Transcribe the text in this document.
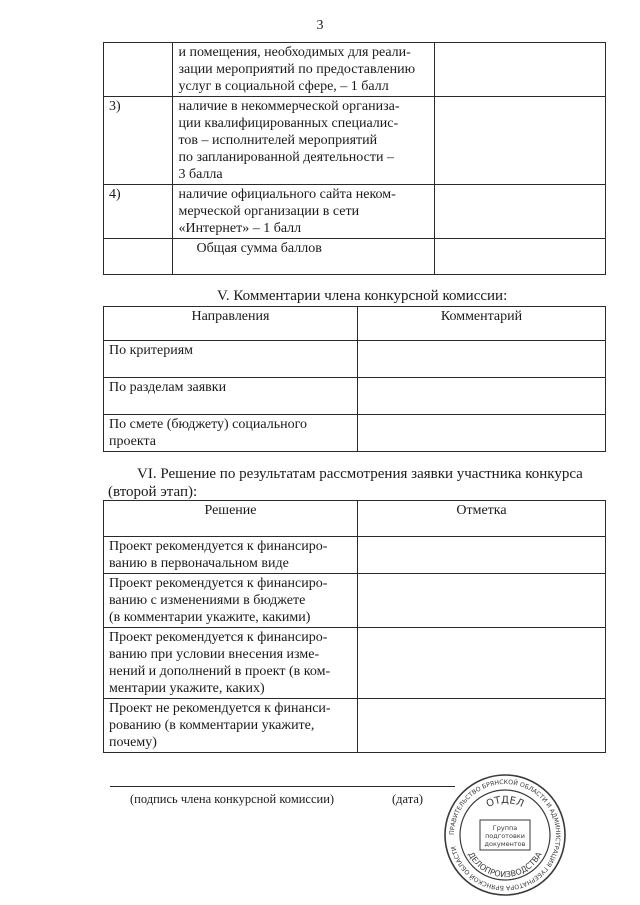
3

	и помещения, необходимых для реали-
зации мероприятий по предоставлению
услуг в социальной сфере, – 1 балл	

3)	наличие в некоммерческой организа-
ции квалифицированных специалис-
тов – исполнителей мероприятий
по запланированной деятельности –
3 балла	

4)	наличие официального сайта неком-
мерческой организации в сети
«Интернет» – 1 балл	

	Общая сумма баллов	

V. Комментарии члена конкурсной комиссии:
Направления	Комментарий

По критериям	

По разделам заявки	

По смете (бюджету) социального
проекта	

VI. Решение по результатам рассмотрения заявки участника конкурса
(второй этап):
Решение	Отметка

Проект рекомендуется к финансиро-
ванию в первоначальном виде	

Проект рекомендуется к финансиро-
ванию с изменениями в бюджете
(в комментарии укажите, какими)	

Проект рекомендуется к финансиро-
ванию при условии внесения изме-
нений и дополнений в проект (в ком-
ментарии укажите, каких)	

Проект не рекомендуется к финанси-
рованию (в комментарии укажите,
почему)	

(подпись члена конкурсной комиссии)	(дата)
ПРАВИТЕЛЬСТВО БРЯНСКОЙ ОБЛАСТИ И АДМИНИСТРАЦИЯ ГУБЕРНАТОРА БРЯНСКОЙ ОБЛАСТИ
ОТДЕЛ
ДЕЛОПРОИЗВОДСТВА
Группа
подготовки
документов
